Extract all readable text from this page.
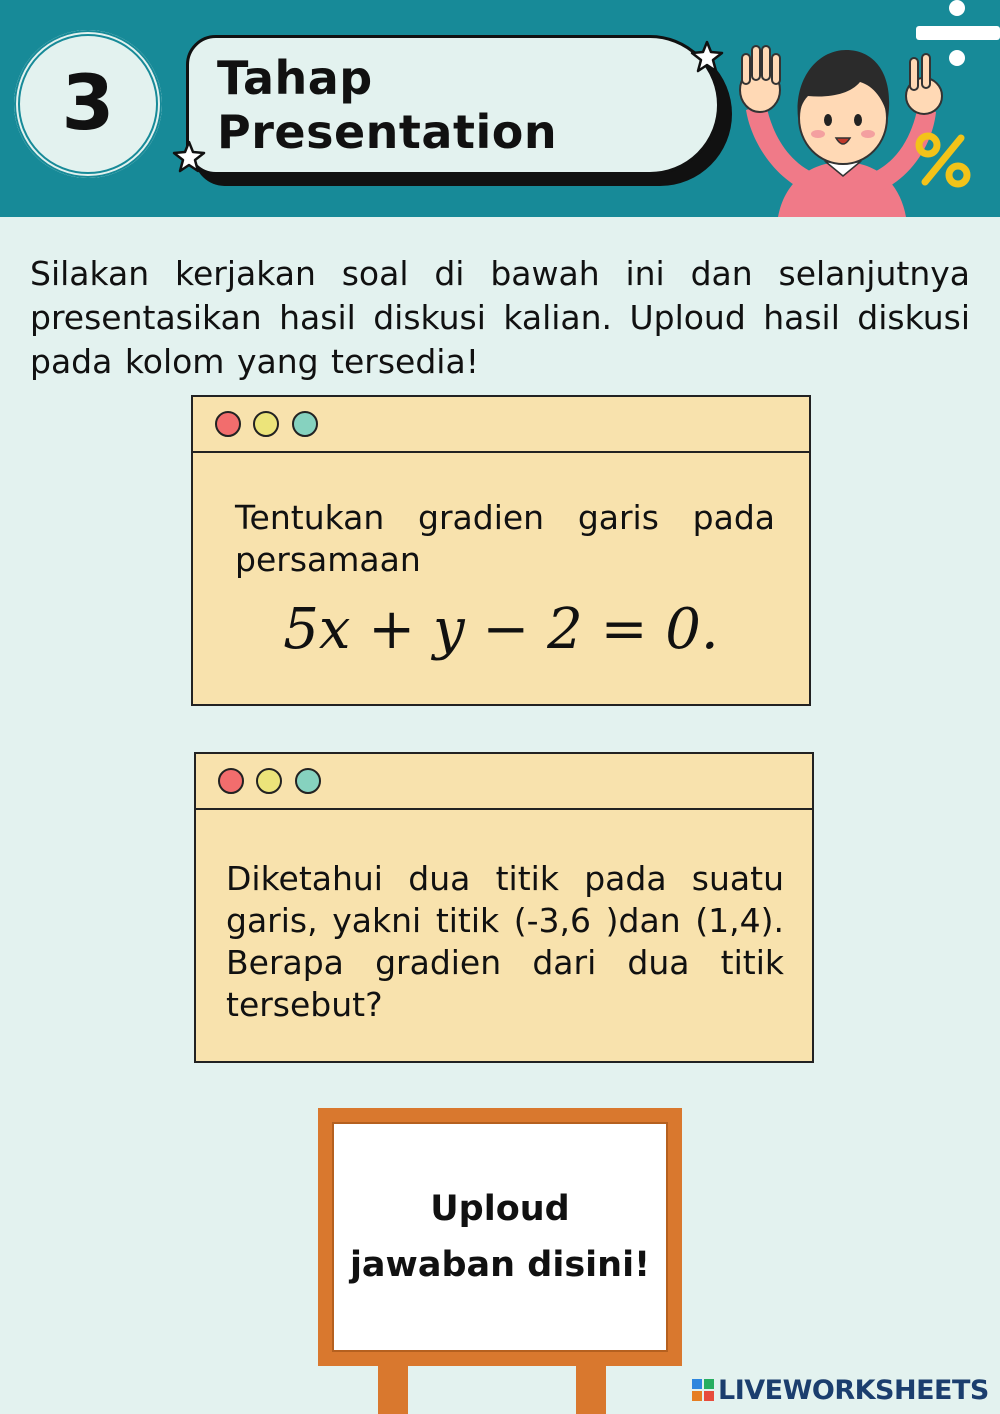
3 Tahap Presentation
Silakan kerjakan soal di bawah ini dan selanjutnya presentasikan hasil diskusi kalian. Uploud hasil diskusi pada kolom yang tersedia!
Tentukan gradien garis pada persamaan
5x + y − 2 = 0.
Diketahui dua titik pada suatu garis, yakni titik (-3,6 )dan (1,4). Berapa gradien dari dua titik tersebut?
Uploud
jawaban disini!
LIVEWORKSHEETS
